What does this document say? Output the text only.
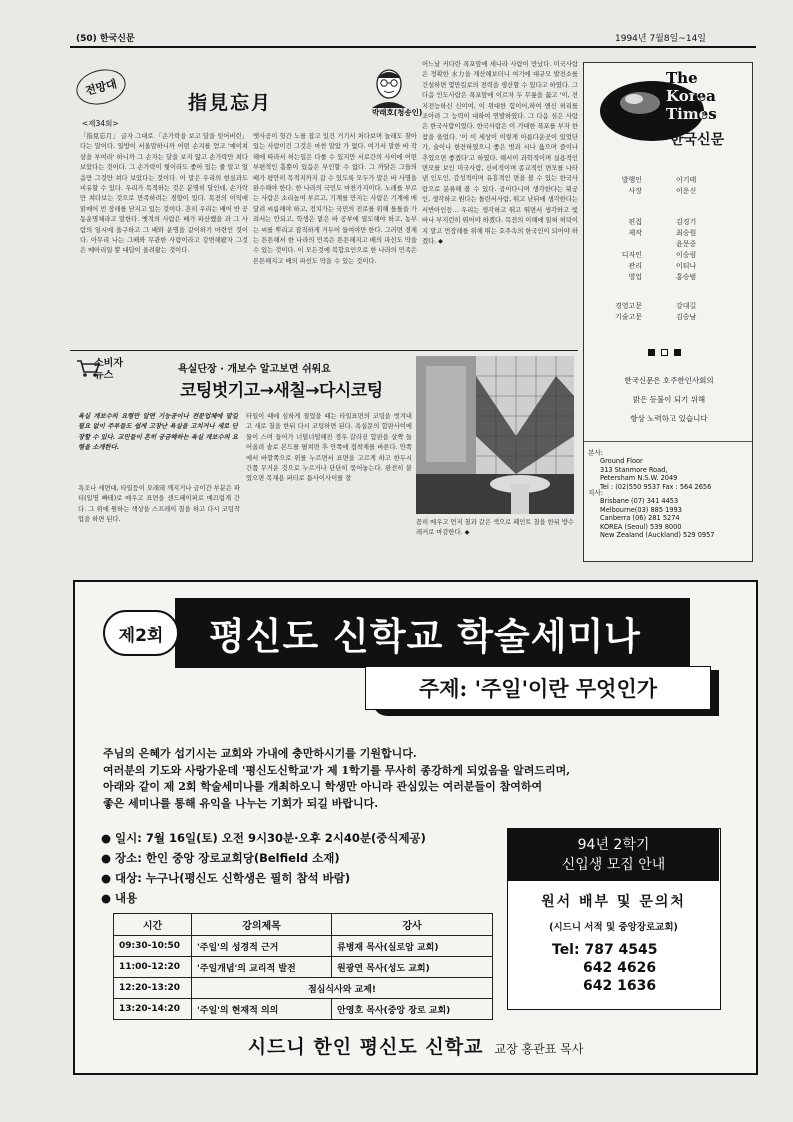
(50) 한국신문	1994년 7월8일~14일
전망대
指見忘月	박래호(청송인)
<제34회>
「指見忘月」 글자 그대로 「손가락을 보고 달을 잊어버린」 다는 말이다. 일방이 서울말하니까 어떤 손지를 얻고 '예이쳐 삼을 부여라' 하니까 그 손자는 달을 보지 않고 손가락만 쳐다 보았다는 것이다. 그 손가락이 뭣이라도 좋아 있는 줄 알고 얼음만 그것만 쳐다 보았다는 것이다. 이 말은 우리의 현실과도 비유할 수 있다. 우리가 목적하는 것은 분명히 달인데, 손가락만 쳐다보는 것으로 만족하려는 경향이 있다. 목전의 이익에 읽매어 먼 장래를 닫지고 있는 것이다. 흔히 우리는 배어 반 공동운명체라고 말한다. 옛적의 사람은 배가 파산했을 과 그 사람의 일시에 울구하고 그 배와 운명을 같이하기 마련인 것이다. 아무리 나는 그배와 무관한 사람이라고 강변해봤자 그것은 메아리일 뿐 대답이 울려왔는 것이다.
옛사공이 헛간 노를 잡고 있건 거기서 처다보며 놀래도 찾아있는 사람이건 그것은 마찬 말았 가 없다. 여기서 말한 바 작해에 따라서 허는일은 다룰 수 있지만 서로간의 사이에 어떤 부편적인 흠뿐이 있음은 부인할 수 없다. 그 까닭은 그들의 배가 평안히 목적지까지 갈 수 있도록 모두가 말은 바 사명을 완수해야 한다. 한 나라의 국민도 마찬가지이다. 노래를 부르는 사람은 소리높여 부르고, 기계를 만지는 사람은 기계에 매달려 씨름해야 하고, 정치가는 국민의 진로를 위해 틀틀을 가려서는 안되고, 학생은 맡은 바 공부에 열도해야 하고, 농부는 씨를 뿌리고 잡직하게 거두어 들여야만 한다. 그러면 경제는 튼튼해서 한 나라의 민족은 튼튼해지고 배의 파선도 막을 수 있는 것이다. 이 모든것에 복합요인으로 한 나라의 민족은 튼튼해지고 배의 파선도 막을 수 있는 것이다.
어느날 커다란 폭포앞에 세나라 사람이 만났다. 미국사람은 정확한 水力을 계산해보더니 여기에 대규모 발전소를 건설하면 몇만킬로의 전력을 생산할 수 있다고 하였다. 그 다음 인도사람은 폭포앞에 이르자 두 무릎을 꿇고 '이, 전지전능하신 신이여, 이 위대한 힘이어,하여 앤신 허리를 조아려 그 능력이 대하여 연발하였다. 그 다음 섬은 사람은 한국사람이었다. 한국사람은 이 거대한 폭포를 부자 한참을 울었다. '이 이 세상이 이렇게 아름다운곳이 있었단가, 술이나 한잔하였으니 좋은 벗과 시나 읊으며 즐이나 추었으면 좋겠다'고 하였다. 해서이 과학적이며 실용적인 면모를 보인 미국사람, 신비적이며 종교적인 면모를 나타낸 인도인, 감성적이며 유흥적인 면을 볼 수 있는 한국사람으로 분류해 볼 수 있다. 곱이다니며 생각한다는 뭐궁인, 생각하고 원다는 돌란서사람, 뛰고 난뒤에 생각한다는 서반아인등... 우리는 생각하고 뛰고 뛰면서 생각하고 빛바나 부지런히 뛰어야 하겠다. 목전의 이해에 읽혀 허덕이지 말고 먼장래를 위해 뛰는 호주속의 한국인이 되어야 하겠다. ◆
소비자 뉴스
욕실단장 · 개보수 알고보면 쉬워요
코팅벗기고→새칠→다시코팅
욕실 개보수의 요령만 알면 기능공이나 전문업체에 맡길 필요 없이 주부들도 쉽게 고장난 욕실을 고치거나 새로 단장할 수 있다. 교민들이 흔히 궁금해하는 욕실 개보수의 요령을 소개한다.
욕조나 세면대, 타일등이 오래돼 깨지거나 금이간 부분은 파티(일명 빠테)로 메우고 표면을 샌드페이퍼로 매끄럽게 간다. 그 위에 원하는 색상을 스프레이 칠을 하고 다시 코팅작업을 하면 된다.
타일이 때에 심하게 절었을 때는 타일표면의 코팅을 벗겨내고 새로 칠을 한뒤 다시 코팅하면 된다. 욕실문의 합판사이에 물이 스며 들어가 너덜너덜해진 경우 갈라진 합판을 살짝 들어올려 솔로 본드를 펼쳐면 후 안쪽에 접착제를 바른다. 안쪽에서 바깥쪽으로 위를 누르면서 표면을 고르게 하고 한두시간쯤 무거운 것으로 누르거나 단단히 묶어놓는다. 완전히 붙었으면 목재용 퍼티로 틈사이사이를 잘
꼼히 메우고 먼저 칠과 같은 색으로 페인트 칠을 한뒤 방수래커로 마감한다. ◆
The
Korea
Times
한국신문
발행인	이기태
사장	이운신
편집	김경기
제작	최승원
윤문중
디자인	이승림
관리	이티나
영업	홍승범
경영고문	강대길
기술고문	김승남
한국신문은 호주한인사회의
밝은 등불이 되기 위해
항상 노력하고 있습니다
본사:
Ground Floor
313 Stanmore Road,
Petersham N.S.W. 2049
Tel : (02)550 9537 Fax : 564 2656
지사:
Brisbane (07) 341 4453
Melbourne(03) 885 1993
Canberra (06) 281 5274
KOREA (Seoul) 539 8000
New Zealand (Auckland) 529 0957
평신도 신학교 학술세미나
제2회
주제: '주일'이란 무엇인가
주님의 은혜가 섭기시는 교회와 가내에 충만하시기를 기원합니다.
여러분의 기도와 사랑가운데 '평신도신학교'가 제 1학기를 무사히 종강하게 되었음을 알려드리며,
아래와 같이 제 2회 학술세미나를 개최하오니 학생만 아니라 관심있는 여러분들이 참여하여
좋은 세미나를 통해 유익을 나누는 기회가 되길 바랍니다.
● 일시: 7월 16일(토) 오전 9시30분·오후 2시40분(중식제공)
● 장소: 한인 중앙 장로교회당(Belfield 소재)
● 대상: 누구나(평신도 신학생은 필히 참석 바람)
● 내용
시간	강의제목	강사
09:30-10:50	'주일'의 성경적 근거	류병재 목사(실로암 교회)
11:00-12:20	'주일개념'의 교리적 발전	원광연 목사(성도 교회)
12:20-13:20	점심식사와 교제!	
13:20-14:20	'주일'의 현재적 의의	안영호 목사(중앙 장로 교회)
94년 2학기
신입생 모집 안내
원서 배부 및 문의처
(시드니 서적 및 중앙장로교회)
Tel: 787 4545
642 4626
642 1636
시드니 한인 평신도 신학교 교장 홍관표 목사
